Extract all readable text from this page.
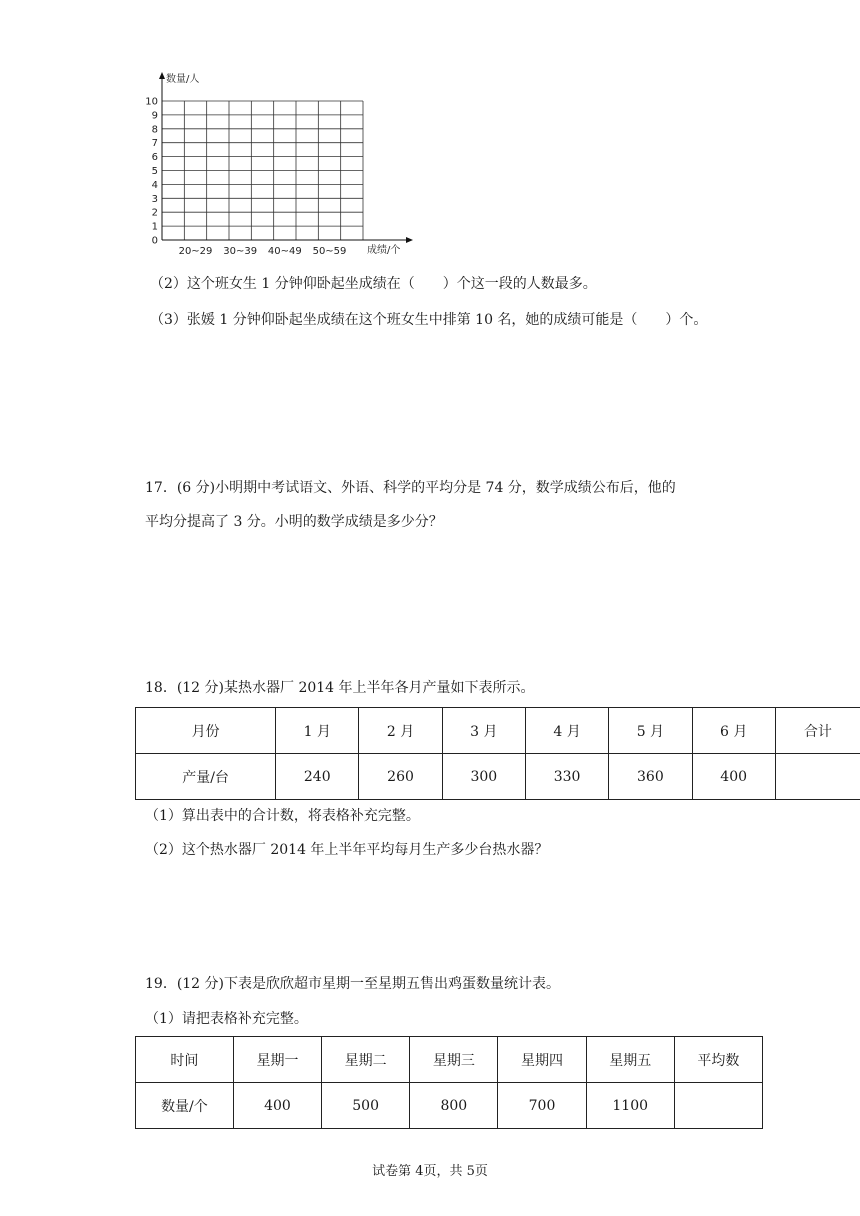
数量/人
成绩/个
0
1
2
3
4
5
6
7
8
9
10
20~29 30~39 40~49 50~59
（2）这个班女生 1 分钟仰卧起坐成绩在（　　）个这一段的人数最多。
（3）张媛 1 分钟仰卧起坐成绩在这个班女生中排第 10 名，她的成绩可能是（　　）个。
17．(6 分)小明期中考试语文、外语、科学的平均分是 74 分，数学成绩公布后，他的
平均分提高了 3 分。小明的数学成绩是多少分？
18．(12 分)某热水器厂 2014 年上半年各月产量如下表所示。
月份	1 月	2 月	3 月	4 月	5 月	6 月	合计
产量/台	240	260	300	330	360	400	
（1）算出表中的合计数，将表格补充完整。
（2）这个热水器厂 2014 年上半年平均每月生产多少台热水器？
19．(12 分)下表是欣欣超市星期一至星期五售出鸡蛋数量统计表。
（1）请把表格补充完整。
时间	星期一	星期二	星期三	星期四	星期五	平均数
数量/个	400	500	800	700	1100	
试卷第 4页，共 5页
